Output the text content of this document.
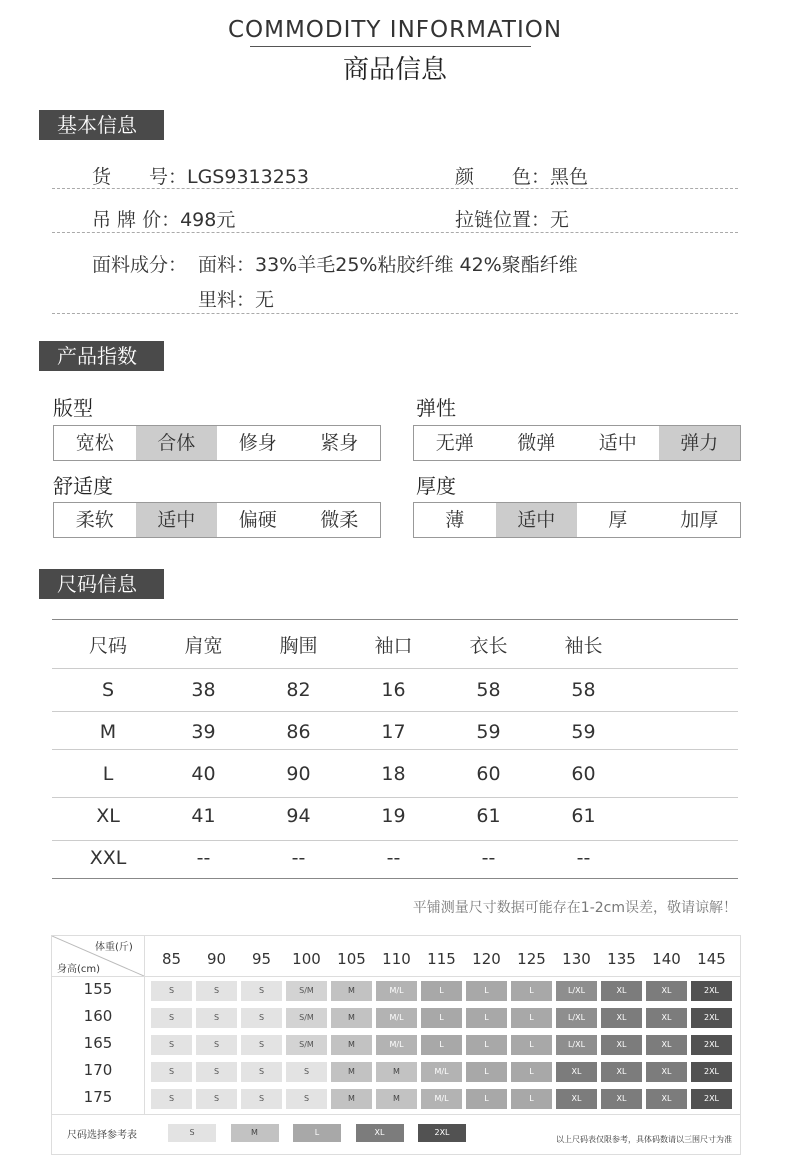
COMMODITY INFORMATION
商品信息
基本信息
货　　号：LGS9313253	颜　　色：黑色
吊 牌 价：498元	拉链位置：无
面料成分： 面料：33%羊毛25%粘胶纤维 42%聚酯纤维
里料：无
产品指数
版型
宽松	合体	修身	紧身
弹性
无弹	微弹	适中	弹力
舒适度
柔软	适中	偏硬	微柔
厚度
薄	适中	厚	加厚
尺码信息
尺码	肩宽	胸围	袖口	衣长	袖长
S	38	82	16	58	58
M	39	86	17	59	59
L	40	90	18	60	60
XL	41	94	19	61	61
XXL	--	--	--	--	--
平铺测量尺寸数据可能存在1-2cm误差，敬请谅解！
体重(斤)
身高(cm)
85	90	95	100	105	110	115	120	125	130	135	140	145
155	S	S	S	S/M	M	M/L	L	L	L	L/XL	XL	XL	2XL
160	S	S	S	S/M	M	M/L	L	L	L	L/XL	XL	XL	2XL
165	S	S	S	S/M	M	M/L	L	L	L	L/XL	XL	XL	2XL
170	S	S	S	S	M	M	M/L	L	L	XL	XL	XL	2XL
175	S	S	S	S	M	M	M/L	L	L	XL	XL	XL	2XL
尺码选择参考表	S	M	L	XL	2XL
以上尺码表仅限参考，具体码数请以三围尺寸为准
